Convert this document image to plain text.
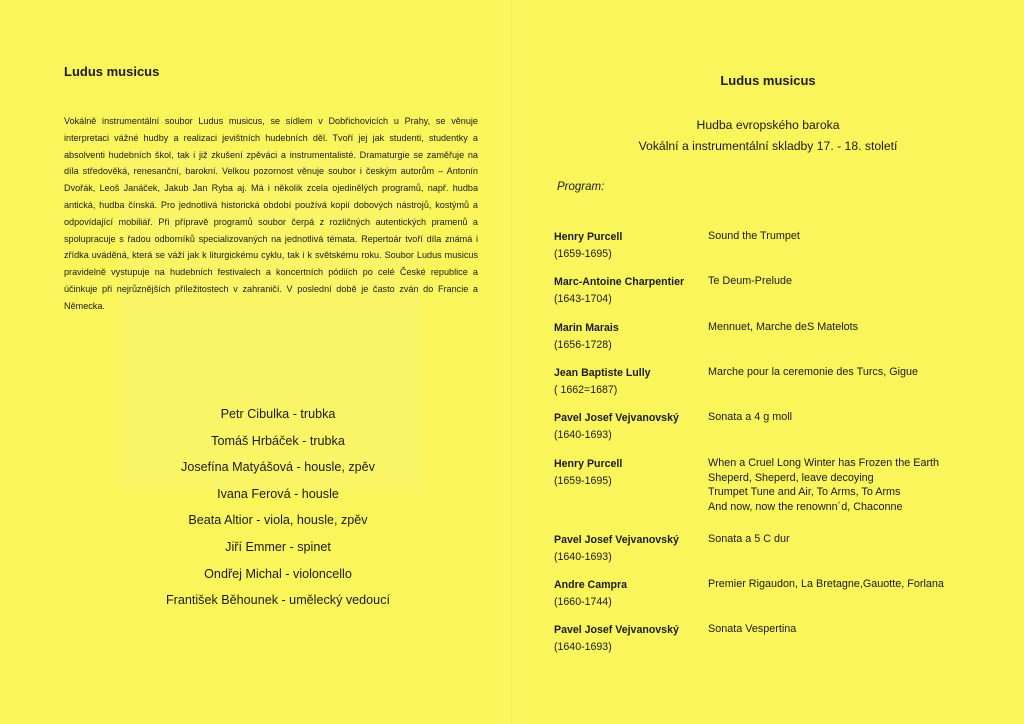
Ludus musicus
Vokálně instrumentální soubor Ludus musicus, se sídlem v Dobřichovicích u Prahy, se věnuje interpretaci vážné hudby a realizaci jevištních hudebních děl. Tvoří jej jak studenti, studentky a absolventi hudebních škol, tak i již zkušení zpěváci a instrumentalisté. Dramaturgie se zaměřuje na díla středověká, renesanční, barokní. Velkou pozornost věnuje soubor i českým autorům – Antonín Dvořák, Leoš Janáček, Jakub Jan Ryba aj. Má i několik zcela ojedinělých programů, např. hudba antická, hudba čínská. Pro jednotlivá historická období používá kopií dobových nástrojů, kostýmů a odpovídající mobiliář. Při přípravě programů soubor čerpá z rozličných autentických pramenů a spolupracuje s řadou odborníků specializovaných na jednotlivá témata. Repertoár tvoří díla známá i zřídka uváděná, která se váží jak k liturgickému cyklu, tak i k světskému roku. Soubor Ludus musicus pravidelně vystupuje na hudebních festivalech a koncertních pódiích po celé České republice a účinkuje při nejrůznějších příležitostech v zahraničí. V poslední době je často zván do Francie a Německa.
Petr Cibulka - trubka
Tomáš Hrbáček - trubka
Josefína Matyášová - housle, zpěv
Ivana Ferová - housle
Beata Altior - viola, housle, zpěv
Jiří Emmer - spinet
Ondřej Michal - violoncello
František Běhounek - umělecký vedoucí
Ludus musicus
Hudba evropského baroka
Vokální a instrumentální skladby 17. - 18. století
Program:
Henry Purcell
(1659-1695)
Sound the Trumpet
Marc-Antoine Charpentier
(1643-1704)
Te Deum-Prelude
Marin Marais
(1656-1728)
Mennuet, Marche deS Matelots
Jean Baptiste Lully
( 1662=1687)
Marche pour la ceremonie des Turcs, Gigue
Pavel Josef Vejvanovský
(1640-1693)
Sonata a 4 g moll
Henry Purcell
(1659-1695)
When a Cruel Long Winter has Frozen the Earth
Sheperd, Sheperd, leave decoying
Trumpet Tune and Air, To Arms, To Arms
And now, now the renownn´d, Chaconne
Pavel Josef Vejvanovský
(1640-1693)
Sonata a 5 C dur
Andre Campra
(1660-1744)
Premier Rigaudon, La Bretagne,Gauotte, Forlana
Pavel Josef Vejvanovský
(1640-1693)
Sonata Vespertina
